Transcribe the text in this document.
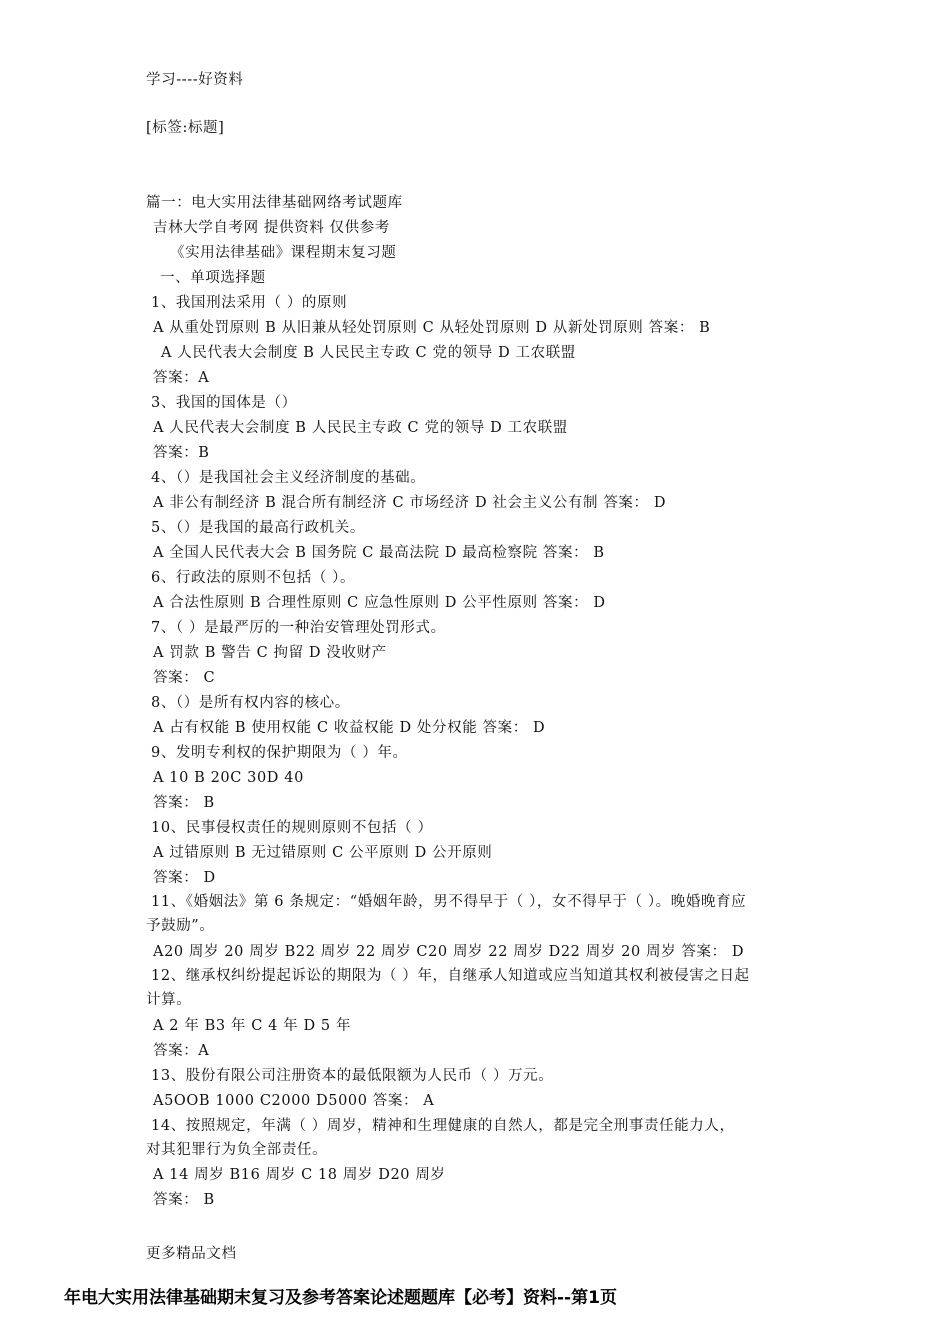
学习----好资料
[标签:标题]
篇一：电大实用法律基础网络考试题库
吉林大学自考网 提供资料 仅供参考
《实用法律基础》课程期末复习题
一、单项选择题
1、我国刑法采用（ ）的原则
A 从重处罚原则 B 从旧兼从轻处罚原则 C 从轻处罚原则 D 从新处罚原则 答案： B
A 人民代表大会制度 B 人民民主专政 C 党的领导 D 工农联盟
答案：A
3、我国的国体是（）
A 人民代表大会制度 B 人民民主专政 C 党的领导 D 工农联盟
答案：B
4、（）是我国社会主义经济制度的基础。
A 非公有制经济 B 混合所有制经济 C 市场经济 D 社会主义公有制 答案： D
5、（）是我国的最高行政机关。
A 全国人民代表大会 B 国务院 C 最高法院 D 最高检察院 答案： B
6、行政法的原则不包括（ ）。
A 合法性原则 B 合理性原则 C 应急性原则 D 公平性原则 答案： D
7、（ ）是最严厉的一种治安管理处罚形式。
A 罚款 B 警告 C 拘留 D 没收财产
答案： C
8、（）是所有权内容的核心。
A 占有权能 B 使用权能 C 收益权能 D 处分权能 答案： D
9、发明专利权的保护期限为（ ）年。
A 10 B 20C 30D 40
答案： B
10、民事侵权责任的规则原则不包括（ ）
A 过错原则 B 无过错原则 C 公平原则 D 公开原则
答案： D
11、《婚姻法》第 6 条规定：“婚姻年龄，男不得早于（ ），女不得早于（ ）。晚婚晚育应
予鼓励”。
A20 周岁 20 周岁 B22 周岁 22 周岁 C20 周岁 22 周岁 D22 周岁 20 周岁 答案： D
12、继承权纠纷提起诉讼的期限为（ ）年，自继承人知道或应当知道其权利被侵害之日起
计算。
A 2 年 B3 年 C 4 年 D 5 年
答案：A
13、股份有限公司注册资本的最低限额为人民币（ ）万元。
A5OOB 1000 C2000 D5000 答案： A
14、按照规定，年满（ ）周岁，精神和生理健康的自然人，都是完全刑事责任能力人，
对其犯罪行为负全部责任。
A 14 周岁 B16 周岁 C 18 周岁 D20 周岁
答案： B
更多精品文档
年电大实用法律基础期末复习及参考答案论述题题库【必考】资料--第1页
